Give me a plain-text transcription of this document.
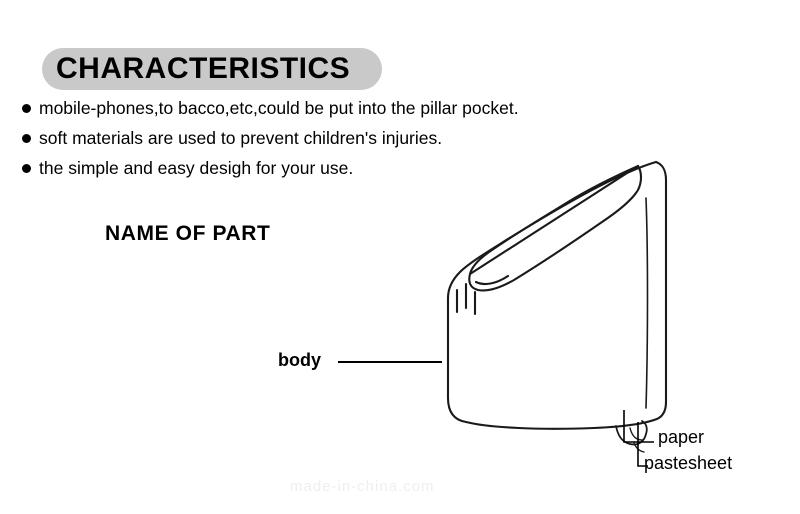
CHARACTERISTICS
mobile-phones,to bacco,etc,could be put into the pillar pocket.
soft materials are used to prevent children's injuries.
the simple and easy desigh for your use.
NAME OF PART
body
paper
pastesheet
made-in-china.com
